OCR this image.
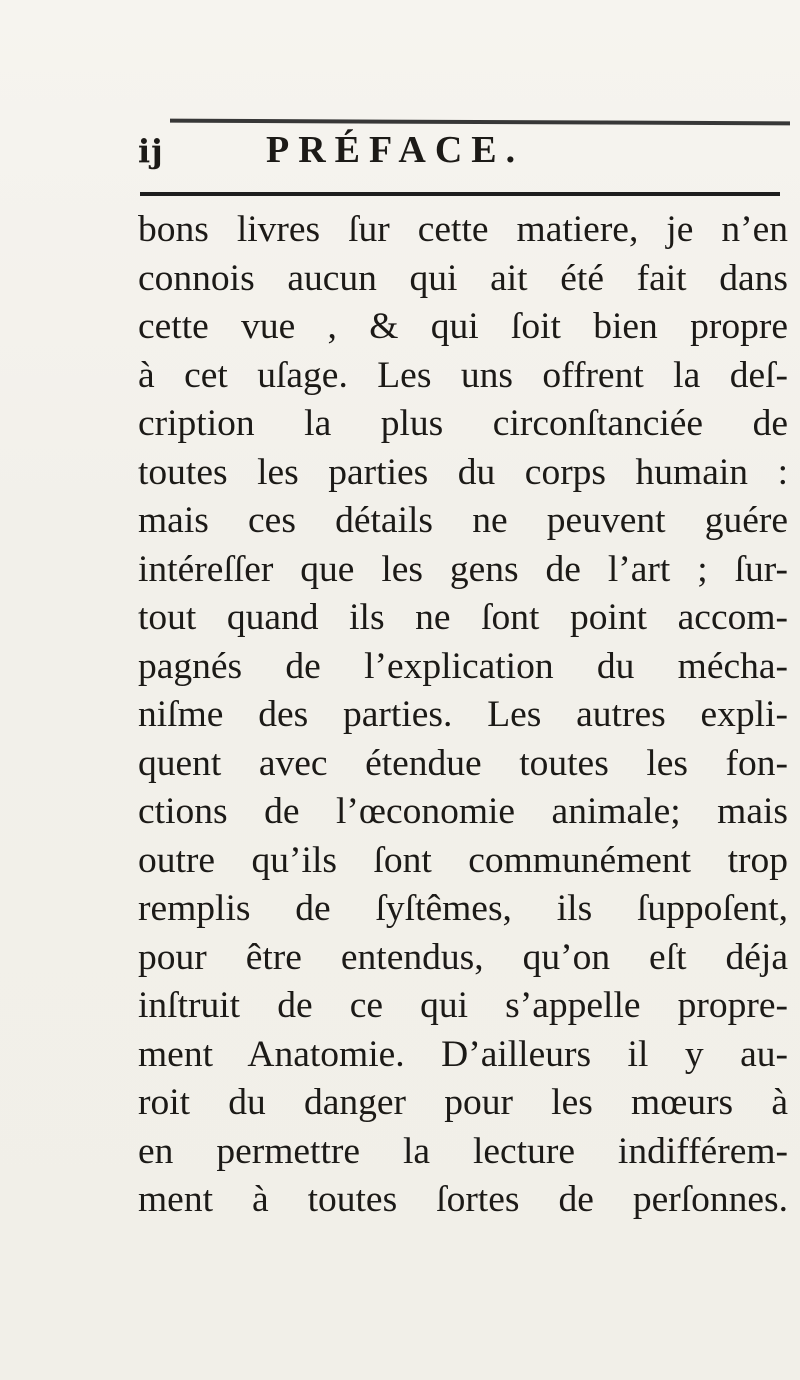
ij	PRÉFACE.
bons livres ſur cette matiere, je n’en
connois aucun qui ait été fait dans
cette vue , & qui ſoit bien propre
à cet uſage. Les uns offrent la deſ-
cription la plus circonſtanciée de
toutes les parties du corps humain :
mais ces détails ne peuvent guére
intéreſſer que les gens de l’art ; ſur-
tout quand ils ne ſont point accom-
pagnés de l’explication du mécha-
niſme des parties. Les autres expli-
quent avec étendue toutes les fon-
ctions de l’œconomie animale; mais
outre qu’ils ſont communément trop
remplis de ſyſtêmes, ils ſuppoſent,
pour être entendus, qu’on eſt déja
inſtruit de ce qui s’appelle propre-
ment Anatomie. D’ailleurs il y au-
roit du danger pour les mœurs à
en permettre la lecture indifférem-
ment à toutes ſortes de perſonnes.
